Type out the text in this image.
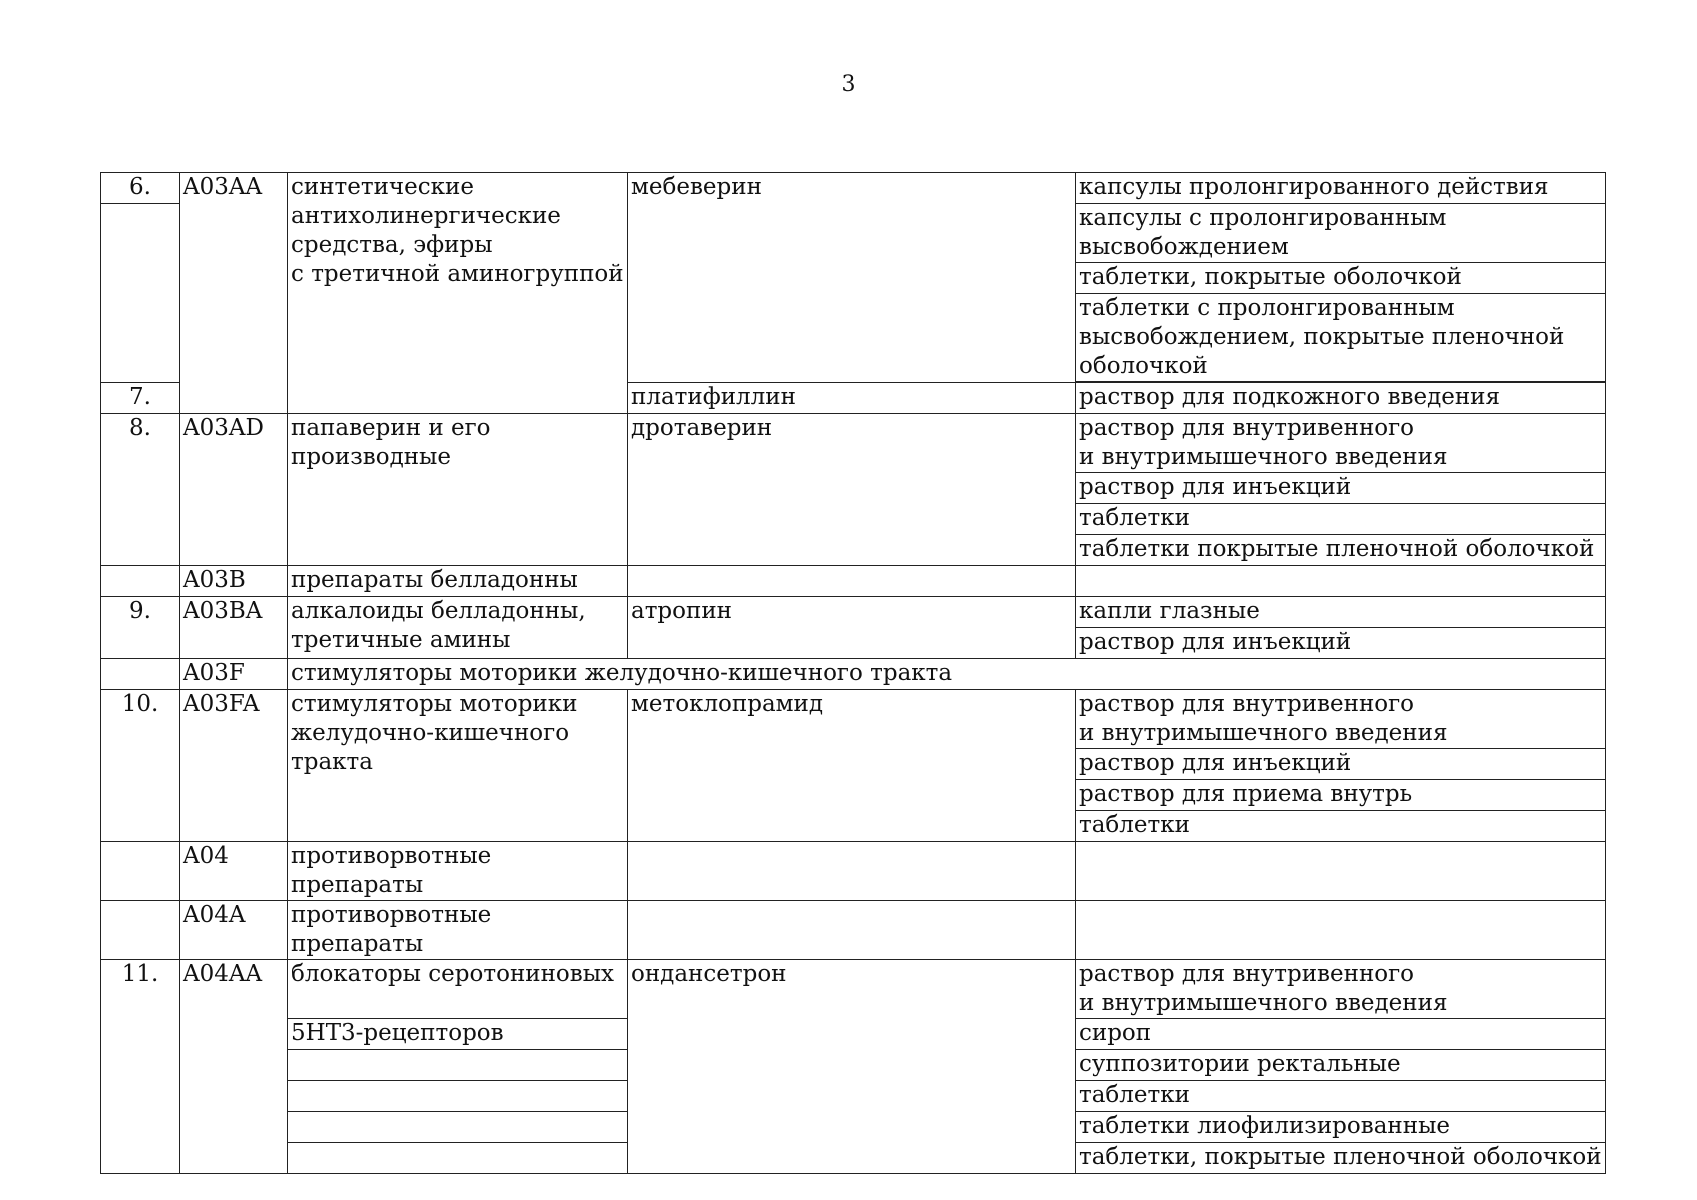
3
6.	A03AA	синтетические
антихолинергические
средства, эфиры
с третичной аминогруппой	мебеверин	капсулы пролонгированного действия
				капсулы с пролонгированным
высвобождением
				таблетки, покрытые оболочкой
				таблетки с пролонгированным
высвобождением, покрытые пленочной
оболочкой

7.			платифиллин	раствор для подкожного введения
8.	A03AD	папаверин и его
производные	дротаверин	раствор для внутривенного
и внутримышечного введения
				раствор для инъекций
				таблетки
				таблетки покрытые пленочной оболочкой
	A03B	препараты белладонны		
9.	A03BA	алкалоиды белладонны,
третичные амины	атропин	капли глазные
				раствор для инъекций
	A03F	стимуляторы моторики желудочно-кишечного тракта		
10.	A03FA	стимуляторы моторики
желудочно-кишечного
тракта	метоклопрамид	раствор для внутривенного
и внутримышечного введения
				раствор для инъекций
				раствор для приема внутрь
				таблетки
	A04	противорвотные препараты		
	A04A	противорвотные препараты		
11.	A04AA	блокаторы серотониновых	ондансетрон	раствор для внутривенного
и внутримышечного введения
		5HT3-рецепторов		сироп
				суппозитории ректальные
				таблетки
				таблетки лиофилизированные
				таблетки, покрытые пленочной оболочкой
